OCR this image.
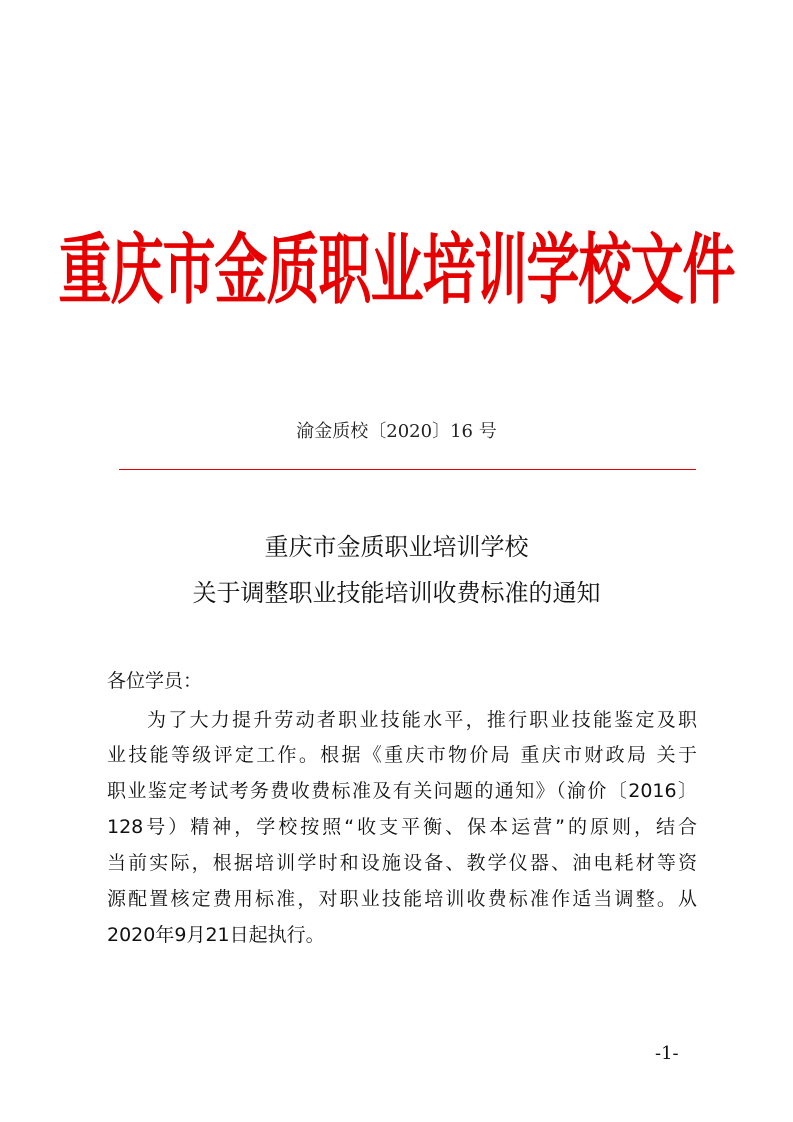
重庆市金质职业培训学校文件
渝金质校〔2020〕16 号
重庆市金质职业培训学校
关于调整职业技能培训收费标准的通知
各位学员：
为了大力提升劳动者职业技能水平，推行职业技能鉴定及职
业技能等级评定工作。根据《重庆市物价局 重庆市财政局 关于
职业鉴定考试考务费收费标准及有关问题的通知》（渝价〔2016〕
128号）精神，学校按照“收支平衡、保本运营”的原则，结合
当前实际，根据培训学时和设施设备、教学仪器、油电耗材等资
源配置核定费用标准，对职业技能培训收费标准作适当调整。从
2020年9月21日起执行。
-1-
